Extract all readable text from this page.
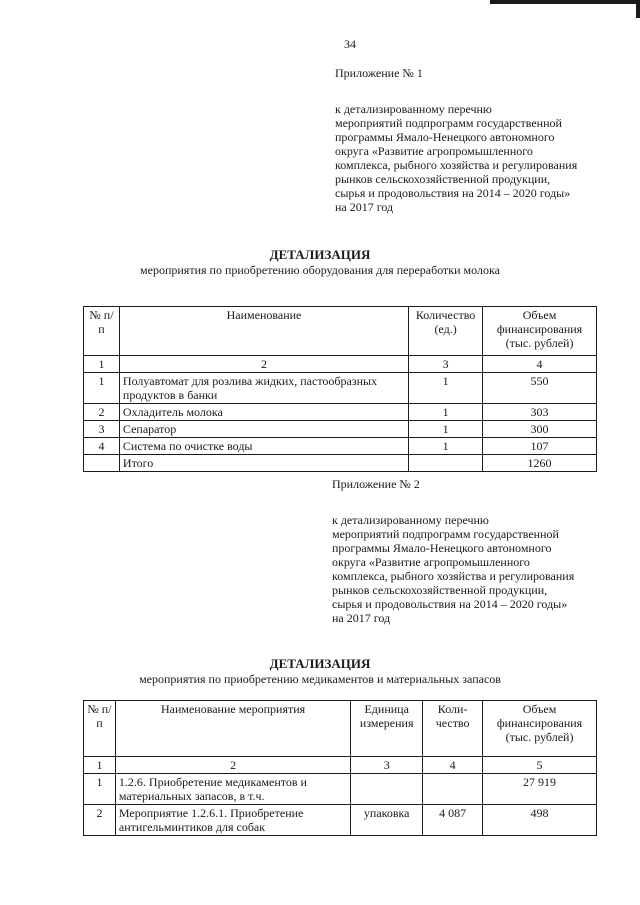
34
Приложение № 1
к детализированному перечню
мероприятий подпрограмм государственной
программы Ямало-Ненецкого автономного
округа «Развитие агропромышленного
комплекса, рыбного хозяйства и регулирования
рынков сельскохозяйственной продукции,
сырья и продовольствия на 2014 – 2020 годы»
на 2017 год
ДЕТАЛИЗАЦИЯ
мероприятия по приобретению оборудования для переработки молока
№ п/п	Наименование	Количество (ед.)	Объем финансирования (тыс. рублей)
1	2	3	4
1	Полуавтомат для розлива жидких, пастообразных продуктов в банки	1	550
2	Охладитель молока	1	303
3	Сепаратор	1	300
4	Система по очистке воды	1	107
	Итого		1260
Приложение № 2
к детализированному перечню
мероприятий подпрограмм государственной
программы Ямало-Ненецкого автономного
округа «Развитие агропромышленного
комплекса, рыбного хозяйства и регулирования
рынков сельскохозяйственной продукции,
сырья и продовольствия на 2014 – 2020 годы»
на 2017 год
ДЕТАЛИЗАЦИЯ
мероприятия по приобретению медикаментов и материальных запасов
№ п/п	Наименование мероприятия	Единица измерения	Коли-чество	Объем финансирования (тыс. рублей)
1	2	3	4	5
1	1.2.6. Приобретение медикаментов и материальных запасов, в т.ч.			27 919
2	Мероприятие 1.2.6.1. Приобретение антигельминтиков для собак	упаковка	4 087	498
